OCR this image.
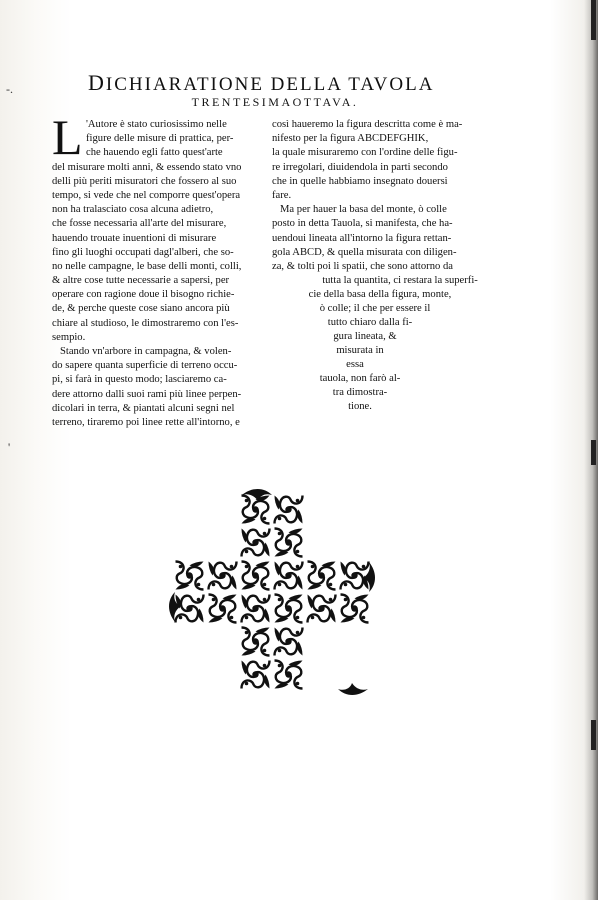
-.
'
DICHIARATIONE DELLA TAVOLA
TRENTESIMAOTTAVA.
L 'Autore è stato curiosissimo nelle
figure delle misure di prattica, per-
che hauendo egli fatto quest'arte
del misurare molti anni, & essendo stato vno
delli più periti misuratori che fossero al suo
tempo, si vede che nel comporre quest'opera
non ha tralasciato cosa alcuna adietro,
che fosse necessaria all'arte del misurare,
hauendo trouate inuentioni di misurare
fino gli luoghi occupati dagl'alberi, che so-
no nelle campagne, le base delli monti, colli,
& altre cose tutte necessarie a sapersi, per
operare con ragione doue il bisogno richie-
de, & perche queste cose siano ancora più
chiare al studioso, le dimostraremo con l'es-
sempio.
Stando vn'arbore in campagna, & volen-
do sapere quanta superficie di terreno occu-
pi, si farà in questo modo; lasciaremo ca-
dere attorno dalli suoi rami più linee perpen-
dicolari in terra, & piantati alcuni segni nel
terreno, tiraremo poi linee rette all'intorno, e
così haueremo la figura descritta come è ma-
nifesto per la figura ABCDEFGHIK,
la quale misuraremo con l'ordine delle figu-
re irregolari, diuidendola in parti secondo
che in quelle habbiamo insegnato douersi
fare.
Ma per hauer la basa del monte, ò colle
posto in detta Tauola, si manifesta, che ha-
uendoui lineata all'intorno la figura rettan-
gola ABCD, & quella misurata con diligen-
za, & tolti poi li spatii, che sono attorno da
tutta la quantita, ci restara la superfi-
cie della basa della figura, monte,
ò colle; il che per essere il
tutto chiaro dalla fi-
gura lineata, &
misurata in
essa
tauola, non farò al-
tra dimostra-
tione.
